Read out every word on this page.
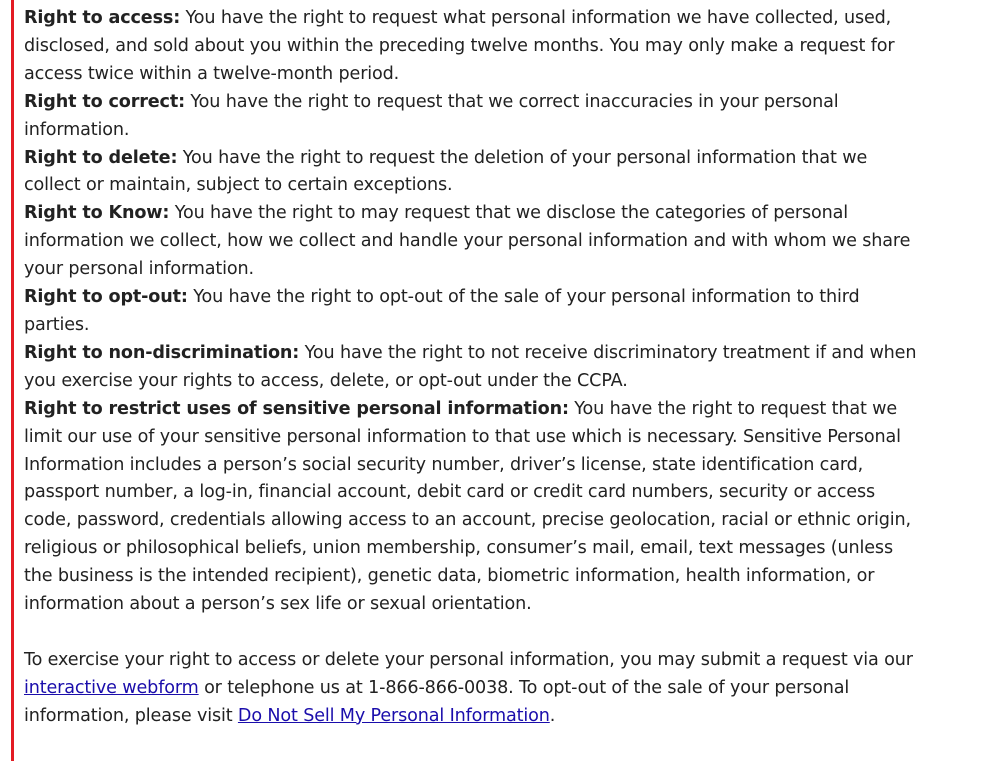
Right to access: You have the right to request what personal information we have collected, used, disclosed, and sold about you within the preceding twelve months. You may only make a request for access twice within a twelve-month period.

Right to correct: You have the right to request that we correct inaccuracies in your personal information.

Right to delete: You have the right to request the deletion of your personal information that we collect or maintain, subject to certain exceptions.

Right to Know: You have the right to may request that we disclose the categories of personal information we collect, how we collect and handle your personal information and with whom we share your personal information.

Right to opt-out: You have the right to opt-out of the sale of your personal information to third parties.

Right to non-discrimination: You have the right to not receive discriminatory treatment if and when you exercise your rights to access, delete, or opt-out under the CCPA.

Right to restrict uses of sensitive personal information: You have the right to request that we limit our use of your sensitive personal information to that use which is necessary. Sensitive Personal Information includes a person’s social security number, driver’s license, state identification card, passport number, a log-in, financial account, debit card or credit card numbers, security or access code, password, credentials allowing access to an account, precise geolocation, racial or ethnic origin, religious or philosophical beliefs, union membership, consumer’s mail, email, text messages (unless the business is the intended recipient), genetic data, biometric information, health information, or information about a person’s sex life or sexual orientation.

To exercise your right to access or delete your personal information, you may submit a request via our interactive webform or telephone us at 1-866-866-0038. To opt-out of the sale of your personal information, please visit Do Not Sell My Personal Information.
